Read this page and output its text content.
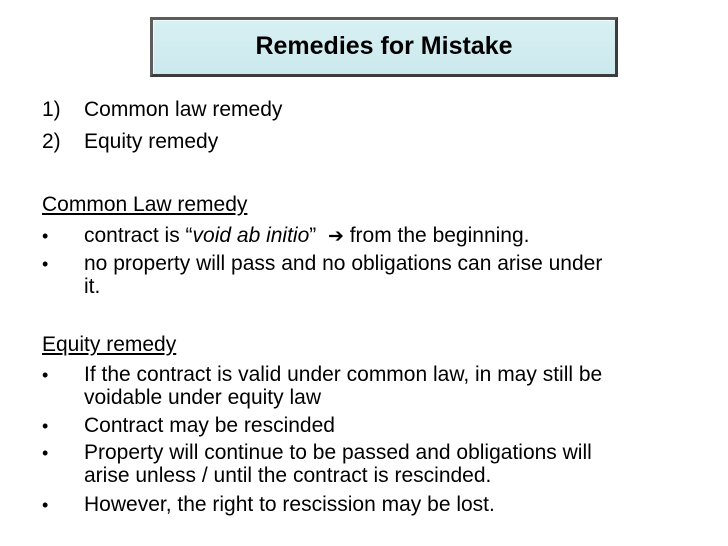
Remedies for Mistake
1) Common law remedy
2) Equity remedy
Common Law remedy
•	contract is “void ab initio” ➔ from the beginning.
•	no property will pass and no obligations can arise under
it.
Equity remedy
•	If the contract is valid under common law, in may still be
voidable under equity law
•	Contract may be rescinded
•	Property will continue to be passed and obligations will
arise unless / until the contract is rescinded.
•	However, the right to rescission may be lost.
